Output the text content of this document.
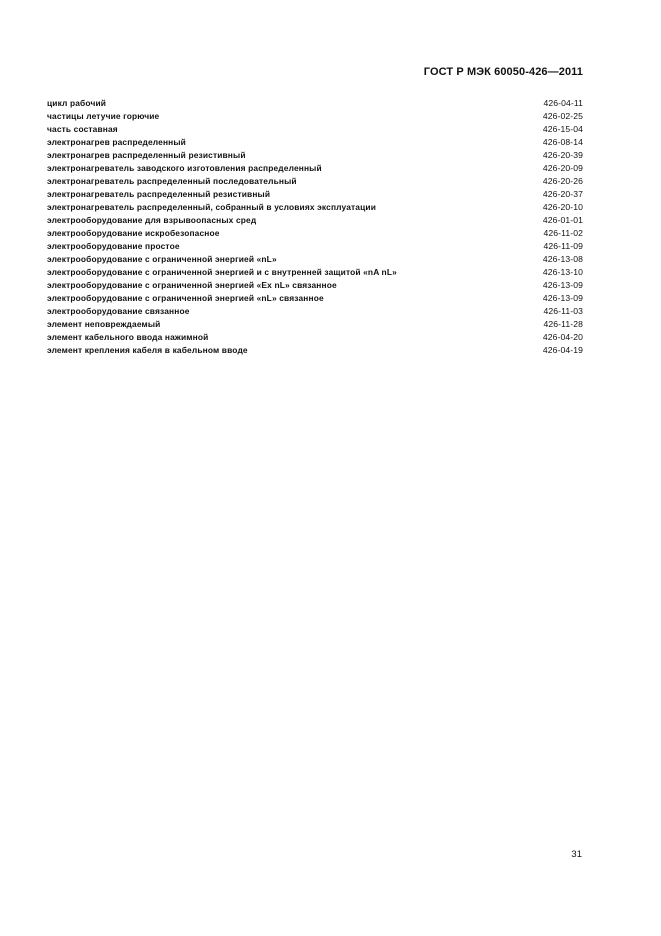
ГОСТ Р МЭК 60050-426—2011
цикл рабочий	426-04-11
частицы летучие горючие	426-02-25
часть составная	426-15-04
электронагрев распределенный	426-08-14
электронагрев распределенный резистивный	426-20-39
электронагреватель заводского изготовления распределенный	426-20-09
электронагреватель распределенный последовательный	426-20-26
электронагреватель распределенный резистивный	426-20-37
электронагреватель распределенный, собранный в условиях эксплуатации	426-20-10
электрооборудование для взрывоопасных сред	426-01-01
электрооборудование искробезопасное	426-11-02
электрооборудование простое	426-11-09
электрооборудование с ограниченной энергией «nL»	426-13-08
электрооборудование с ограниченной энергией и с внутренней защитой «nA nL»	426-13-10
электрооборудование с ограниченной энергией «Ex nL» связанное	426-13-09
электрооборудование с ограниченной энергией «nL» связанное	426-13-09
электрооборудование связанное	426-11-03
элемент неповреждаемый	426-11-28
элемент кабельного ввода нажимной	426-04-20
элемент крепления кабеля в кабельном вводе	426-04-19
31
